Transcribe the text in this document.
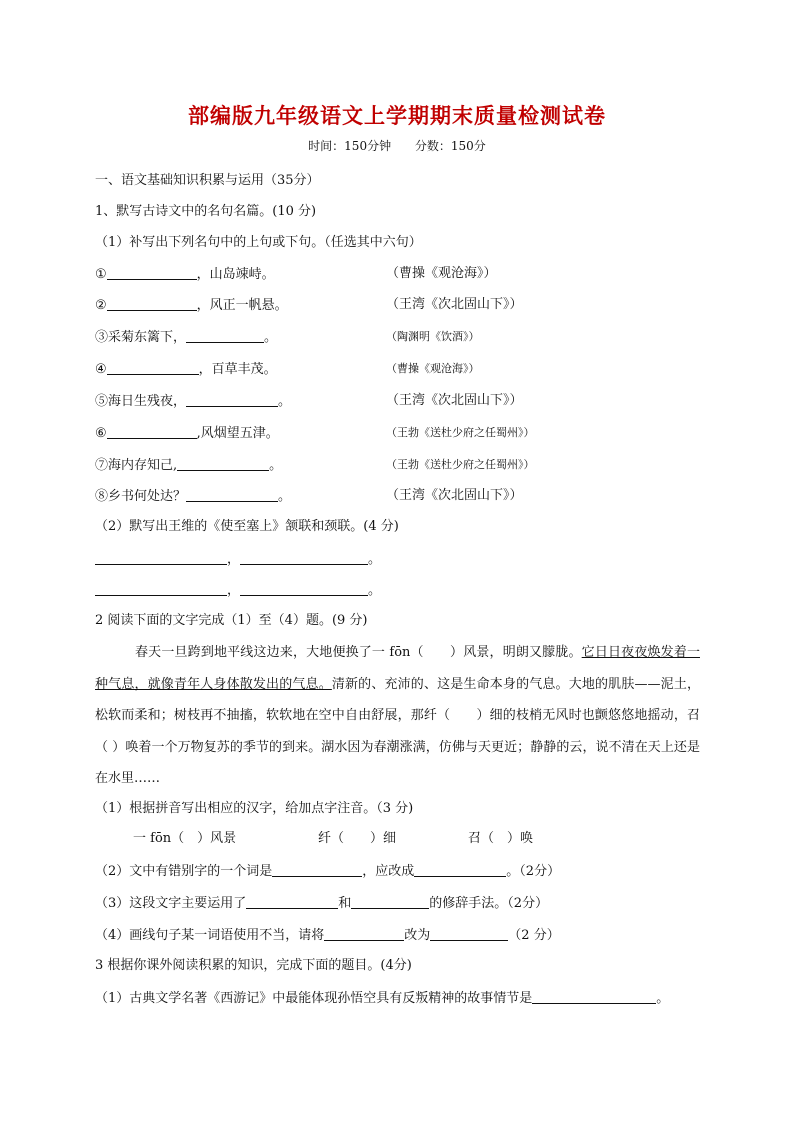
部编版九年级语文上学期期末质量检测试卷
时间：150分钟 分数：150分
一、语文基础知识积累与运用（35分）
1、默写古诗文中的名句名篇。(10 分)
（1）补写出下列名句中的上句或下句。（任选其中六句）
①	，山岛竦峙。	（曹操《观沧海》）
②	，风正一帆悬。	（王湾《次北固山下》）
③采菊东篱下，	。	（陶渊明《饮酒》）
④	，百草丰茂。	（曹操《观沧海》）
⑤海日生残夜，	。	（王湾《次北固山下》）
⑥	,风烟望五津。	（王勃《送杜少府之任蜀州》）
⑦海内存知己,	。	（王勃《送杜少府之任蜀州》）
⑧乡书何处达？	。	（王湾《次北固山下》）
（2）默写出王维的《使至塞上》颔联和颈联。(4 分)
，	。
，	。
2 阅读下面的文字完成（1）至（4）题。(9 分)
春天一旦跨到地平线这边来，大地便换了一 fōn（　　）风景，明朗又朦胧。它日日夜夜焕发着一种气息，就像青年人身体散发出的气息。清新的、充沛的、这是生命本身的气息。大地的肌肤——泥土，松软而柔和；树枝再不抽搐，软软地在空中自由舒展，那纤（　　）细的枝梢无风时也颤悠悠地摇动，召（ ）唤着一个万物复苏的季节的到来。湖水因为春潮涨满，仿佛与天更近；静静的云，说不清在天上还是在水里……
（1）根据拼音写出相应的汉字，给加点字注音。（3 分)
一 fōn（　）风景	纤（　　）细	召（　）唤
（2）文中有错别字的一个词是	，应改成	。（2分）
（3）这段文字主要运用了	和	的修辞手法。（2分）
（4）画线句子某一词语使用不当，请将	改为	（2 分）
3 根据你课外阅读积累的知识，完成下面的题目。(4分)
（1）古典文学名著《西游记》中最能体现孙悟空具有反叛精神的故事情节是	。
